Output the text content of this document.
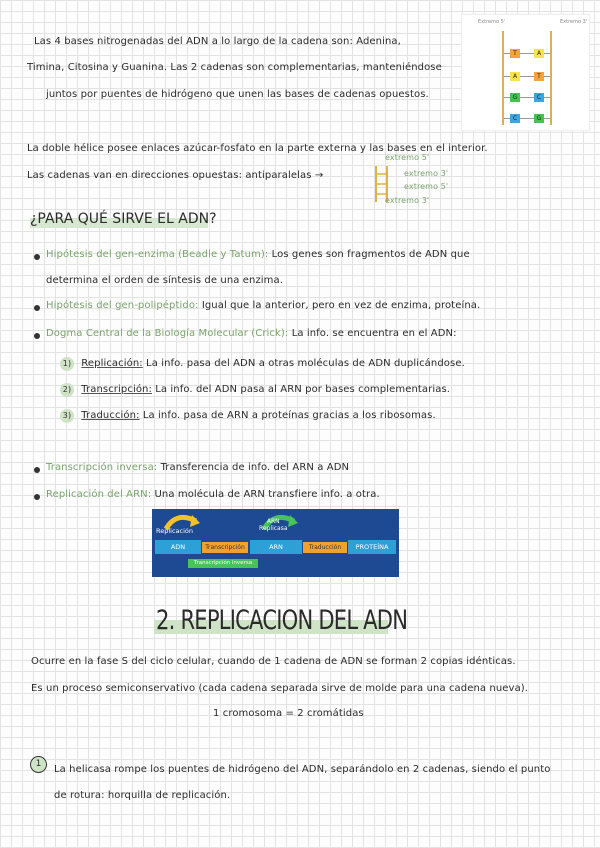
Las 4 bases nitrogenadas del ADN a lo largo de la cadena son: Adenina,
Timina, Citosina y Guanina. Las 2 cadenas son complementarias, manteniéndose
juntos por puentes de hidrógeno que unen las bases de cadenas opuestos.
Extremo 5'	Extremo 3'
T	A
A	T
G	C
C	G
La doble hélice posee enlaces azúcar-fosfato en la parte externa y las bases en el interior.
Las cadenas van en direcciones opuestas: antiparalelas →
extremo 5'
extremo 3'
extremo 5'
extremo 3'
¿PARA QUÉ SIRVE EL ADN?
Hipótesis del gen-enzima (Beadle y Tatum): Los genes son fragmentos de ADN que
determina el orden de síntesis de una enzima.
Hipótesis del gen-polipéptido: Igual que la anterior, pero en vez de enzima, proteína.
Dogma Central de la Biología Molecular (Crick): La info. se encuentra en el ADN:
1) Replicación: La info. pasa del ADN a otras moléculas de ADN duplicándose.
2) Transcripción: La info. del ADN pasa al ARN por bases complementarias.
3) Traducción: La info. pasa de ARN a proteínas gracias a los ribosomas.
Transcripción inversa: Transferencia de info. del ARN a ADN
Replicación del ARN: Una molécula de ARN transfiere info. a otra.
Replicación
ARN
Replicasa
ADN	Transcripción	ARN	Traducción	PROTEÍNA
Transcripción inversa
2. REPLICACION DEL ADN
Ocurre en la fase S del ciclo celular, cuando de 1 cadena de ADN se forman 2 copias idénticas.
Es un proceso semiconservativo (cada cadena separada sirve de molde para una cadena nueva).
1 cromosoma = 2 cromátidas
1	La helicasa rompe los puentes de hidrógeno del ADN, separándolo en 2 cadenas, siendo el punto
de rotura: horquilla de replicación.
